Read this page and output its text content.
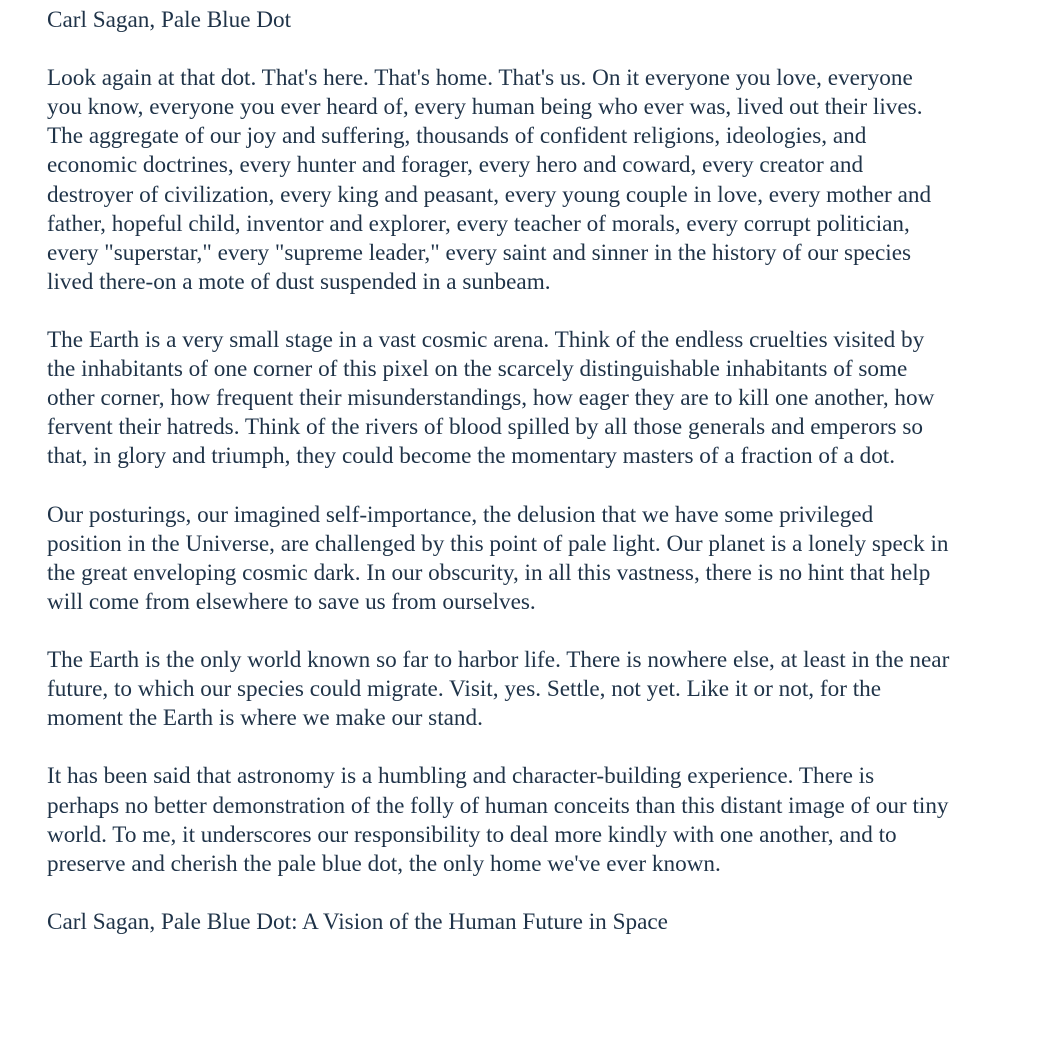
Carl Sagan, Pale Blue Dot
Look again at that dot. That's here. That's home. That's us. On it everyone you love, everyone
you know, everyone you ever heard of, every human being who ever was, lived out their lives.
The aggregate of our joy and suffering, thousands of confident religions, ideologies, and
economic doctrines, every hunter and forager, every hero and coward, every creator and
destroyer of civilization, every king and peasant, every young couple in love, every mother and
father, hopeful child, inventor and explorer, every teacher of morals, every corrupt politician,
every "superstar," every "supreme leader," every saint and sinner in the history of our species
lived there-on a mote of dust suspended in a sunbeam.
The Earth is a very small stage in a vast cosmic arena. Think of the endless cruelties visited by
the inhabitants of one corner of this pixel on the scarcely distinguishable inhabitants of some
other corner, how frequent their misunderstandings, how eager they are to kill one another, how
fervent their hatreds. Think of the rivers of blood spilled by all those generals and emperors so
that, in glory and triumph, they could become the momentary masters of a fraction of a dot.
Our posturings, our imagined self-importance, the delusion that we have some privileged
position in the Universe, are challenged by this point of pale light. Our planet is a lonely speck in
the great enveloping cosmic dark. In our obscurity, in all this vastness, there is no hint that help
will come from elsewhere to save us from ourselves.
The Earth is the only world known so far to harbor life. There is nowhere else, at least in the near
future, to which our species could migrate. Visit, yes. Settle, not yet. Like it or not, for the
moment the Earth is where we make our stand.
It has been said that astronomy is a humbling and character-building experience. There is
perhaps no better demonstration of the folly of human conceits than this distant image of our tiny
world. To me, it underscores our responsibility to deal more kindly with one another, and to
preserve and cherish the pale blue dot, the only home we've ever known.
Carl Sagan, Pale Blue Dot: A Vision of the Human Future in Space
